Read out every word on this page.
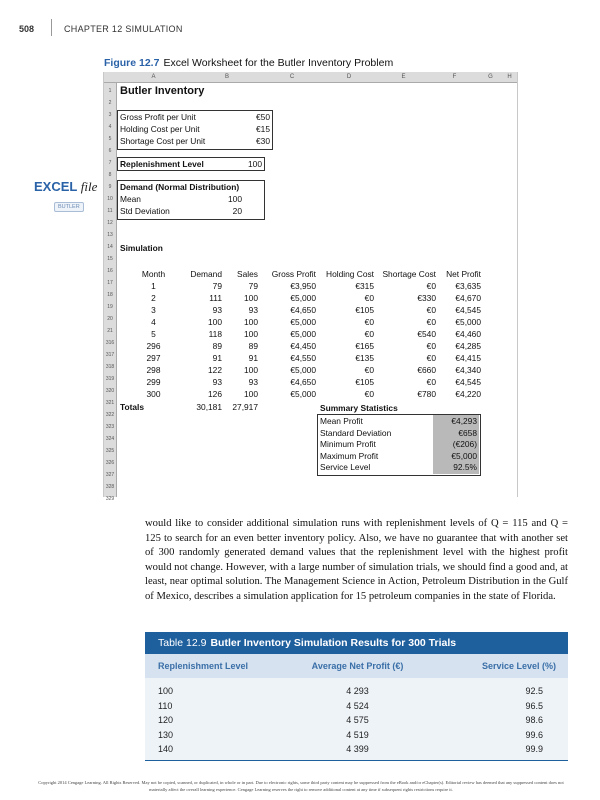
508	CHAPTER 12 SIMULATION
Figure 12.7 Excel Worksheet for the Butler Inventory Problem
EXCEL file
BUTLER
A	B	C	D	E	F	G	H
1
2
3
4
5
6
7
8
9
10
11
12
13
14
15
16
17
18
19
20
21
316
317
318
319
320
321
322
323
324
325
326
327
328
329
Butler Inventory
Gross Profit per Unit	€50
Holding Cost per Unit	€15
Shortage Cost per Unit	€30
Replenishment Level	100
Demand (Normal Distribution)
Mean	100
Std Deviation	20
Simulation
Month	Demand	Sales	Gross Profit	Holding Cost	Shortage Cost	Net Profit
1	79	79	€3,950	€315	€0	€3,635
2	111	100	€5,000	€0	€330	€4,670
3	93	93	€4,650	€105	€0	€4,545
4	100	100	€5,000	€0	€0	€5,000
5	118	100	€5,000	€0	€540	€4,460
296	89	89	€4,450	€165	€0	€4,285
297	91	91	€4,550	€135	€0	€4,415
298	122	100	€5,000	€0	€660	€4,340
299	93	93	€4,650	€105	€0	€4,545
300	126	100	€5,000	€0	€780	€4,220
Totals	30,181	27,917	Summary Statistics
Mean Profit	€4,293
Standard Deviation	€658
Minimum Profit	(€206)
Maximum Profit	€5,000
Service Level	92.5%

would like to consider additional simulation runs with replenishment levels of Q = 115 and Q = 125 to search for an even better inventory policy. Also, we have no guarantee that with another set of 300 randomly generated demand values that the replenishment level with the highest profit would not change. However, with a large number of simulation trials, we should find a good and, at least, near optimal solution. The Management Science in Action, Petroleum Distribution in the Gulf of Mexico, describes a simulation application for 15 petroleum companies in the state of Florida.

Table 12.9 Butler Inventory Simulation Results for 300 Trials
Replenishment Level	Average Net Profit (€)	Service Level (%)
100	4 293	92.5
110	4 524	96.5
120	4 575	98.6
130	4 519	99.6
140	4 399	99.9
Copyright 2014 Cengage Learning. All Rights Reserved. May not be copied, scanned, or duplicated, in whole or in part. Due to electronic rights, some third party content may be suppressed from the eBook and/or eChapter(s). Editorial review has deemed that any suppressed content does not materially affect the overall learning experience. Cengage Learning reserves the right to remove additional content at any time if subsequent rights restrictions require it.
